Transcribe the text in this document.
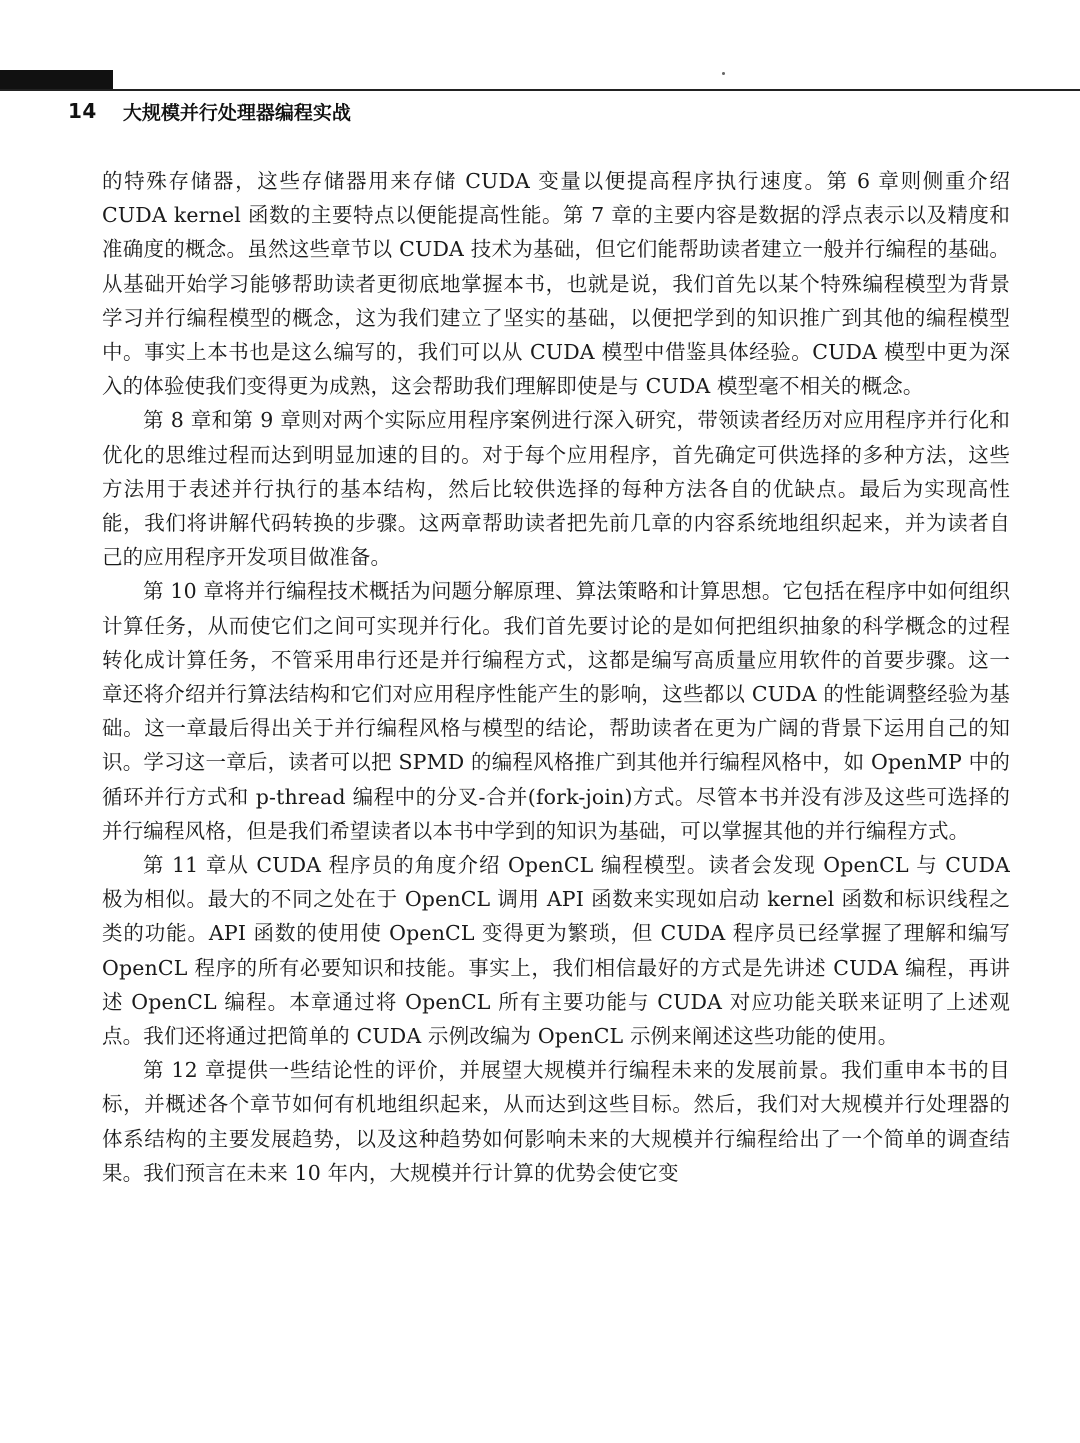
14 大规模并行处理器编程实战

的特殊存储器，这些存储器用来存储 CUDA 变量以便提高程序执行速度。第 6 章则侧重介绍 CUDA kernel 函数的主要特点以便能提高性能。第 7 章的主要内容是数据的浮点表示以及精度和准确度的概念。虽然这些章节以 CUDA 技术为基础，但它们能帮助读者建立一般并行编程的基础。从基础开始学习能够帮助读者更彻底地掌握本书，也就是说，我们首先以某个特殊编程模型为背景学习并行编程模型的概念，这为我们建立了坚实的基础，以便把学到的知识推广到其他的编程模型中。事实上本书也是这么编写的，我们可以从 CUDA 模型中借鉴具体经验。CUDA 模型中更为深入的体验使我们变得更为成熟，这会帮助我们理解即使是与 CUDA 模型毫不相关的概念。

第 8 章和第 9 章则对两个实际应用程序案例进行深入研究，带领读者经历对应用程序并行化和优化的思维过程而达到明显加速的目的。对于每个应用程序，首先确定可供选择的多种方法，这些方法用于表述并行执行的基本结构，然后比较供选择的每种方法各自的优缺点。最后为实现高性能，我们将讲解代码转换的步骤。这两章帮助读者把先前几章的内容系统地组织起来，并为读者自己的应用程序开发项目做准备。

第 10 章将并行编程技术概括为问题分解原理、算法策略和计算思想。它包括在程序中如何组织计算任务，从而使它们之间可实现并行化。我们首先要讨论的是如何把组织抽象的科学概念的过程转化成计算任务，不管采用串行还是并行编程方式，这都是编写高质量应用软件的首要步骤。这一章还将介绍并行算法结构和它们对应用程序性能产生的影响，这些都以 CUDA 的性能调整经验为基础。这一章最后得出关于并行编程风格与模型的结论，帮助读者在更为广阔的背景下运用自己的知识。学习这一章后，读者可以把 SPMD 的编程风格推广到其他并行编程风格中，如 OpenMP 中的循环并行方式和 p-thread 编程中的分叉-合并(fork-join)方式。尽管本书并没有涉及这些可选择的并行编程风格，但是我们希望读者以本书中学到的知识为基础，可以掌握其他的并行编程方式。

第 11 章从 CUDA 程序员的角度介绍 OpenCL 编程模型。读者会发现 OpenCL 与 CUDA 极为相似。最大的不同之处在于 OpenCL 调用 API 函数来实现如启动 kernel 函数和标识线程之类的功能。API 函数的使用使 OpenCL 变得更为繁琐，但 CUDA 程序员已经掌握了理解和编写 OpenCL 程序的所有必要知识和技能。事实上，我们相信最好的方式是先讲述 CUDA 编程，再讲述 OpenCL 编程。本章通过将 OpenCL 所有主要功能与 CUDA 对应功能关联来证明了上述观点。我们还将通过把简单的 CUDA 示例改编为 OpenCL 示例来阐述这些功能的使用。

第 12 章提供一些结论性的评价，并展望大规模并行编程未来的发展前景。我们重申本书的目标，并概述各个章节如何有机地组织起来，从而达到这些目标。然后，我们对大规模并行处理器的体系结构的主要发展趋势，以及这种趋势如何影响未来的大规模并行编程给出了一个简单的调查结果。我们预言在未来 10 年内，大规模并行计算的优势会使它变
